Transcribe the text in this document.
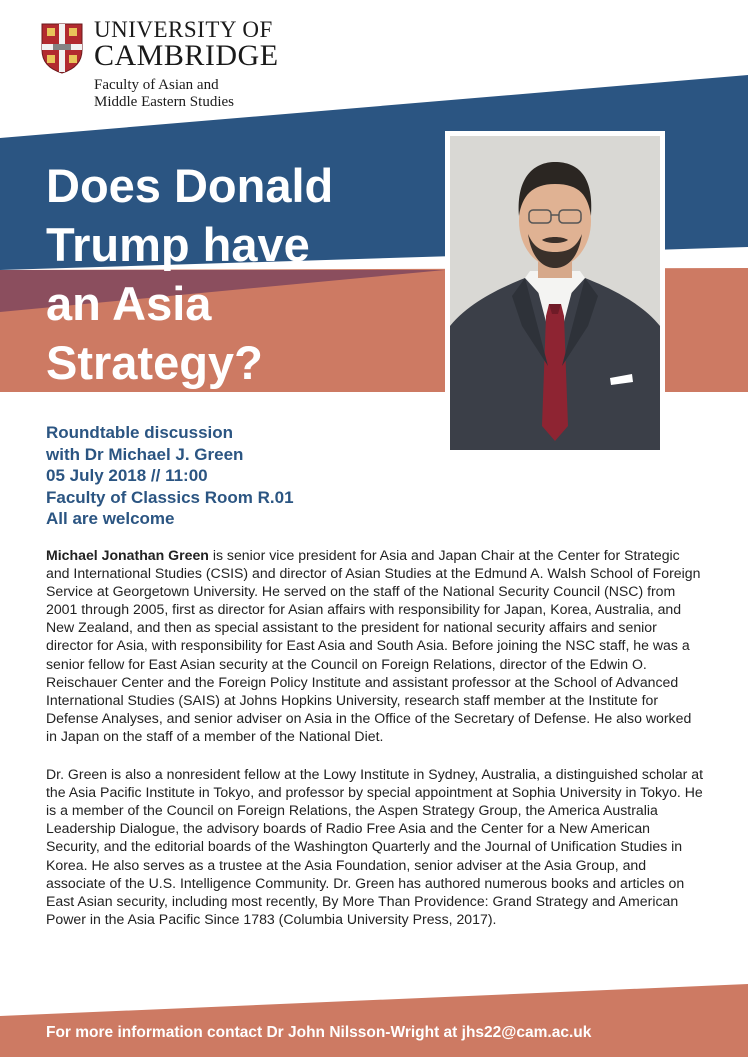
UNIVERSITY OF
CAMBRIDGE
Faculty of Asian and
Middle Eastern Studies
Does Donald
Trump have
an Asia
Strategy?
Roundtable discussion
with Dr Michael J. Green
05 July 2018 // 11:00
Faculty of Classics Room R.01
All are welcome

Michael Jonathan Green is senior vice president for Asia and Japan Chair at the Center for Strategic and International Studies (CSIS) and director of Asian Studies at the Edmund A. Walsh School of Foreign Service at Georgetown University. He served on the staff of the National Security Council (NSC) from 2001 through 2005, first as director for Asian affairs with responsibility for Japan, Korea, Australia, and New Zealand, and then as special assistant to the president for national security affairs and senior director for Asia, with responsibility for East Asia and South Asia. Before joining the NSC staff, he was a senior fellow for East Asian security at the Council on Foreign Relations, director of the Edwin O. Reischauer Center and the Foreign Policy Institute and assistant professor at the School of Advanced International Studies (SAIS) at Johns Hopkins University, research staff member at the Institute for Defense Analyses, and senior adviser on Asia in the Office of the Secretary of Defense. He also worked in Japan on the staff of a member of the National Diet.

Dr. Green is also a nonresident fellow at the Lowy Institute in Sydney, Australia, a distinguished scholar at the Asia Pacific Institute in Tokyo, and professor by special appointment at Sophia University in Tokyo. He is a member of the Council on Foreign Relations, the Aspen Strategy Group, the America Australia Leadership Dialogue, the advisory boards of Radio Free Asia and the Center for a New American Security, and the editorial boards of the Washington Quarterly and the Journal of Unification Studies in Korea. He also serves as a trustee at the Asia Foundation, senior adviser at the Asia Group, and associate of the U.S. Intelligence Community. Dr. Green has authored numerous books and articles on East Asian security, including most recently, By More Than Providence: Grand Strategy and American Power in the Asia Pacific Since 1783 (Columbia University Press, 2017).

For more information contact Dr John Nilsson-Wright at jhs22@cam.ac.uk
